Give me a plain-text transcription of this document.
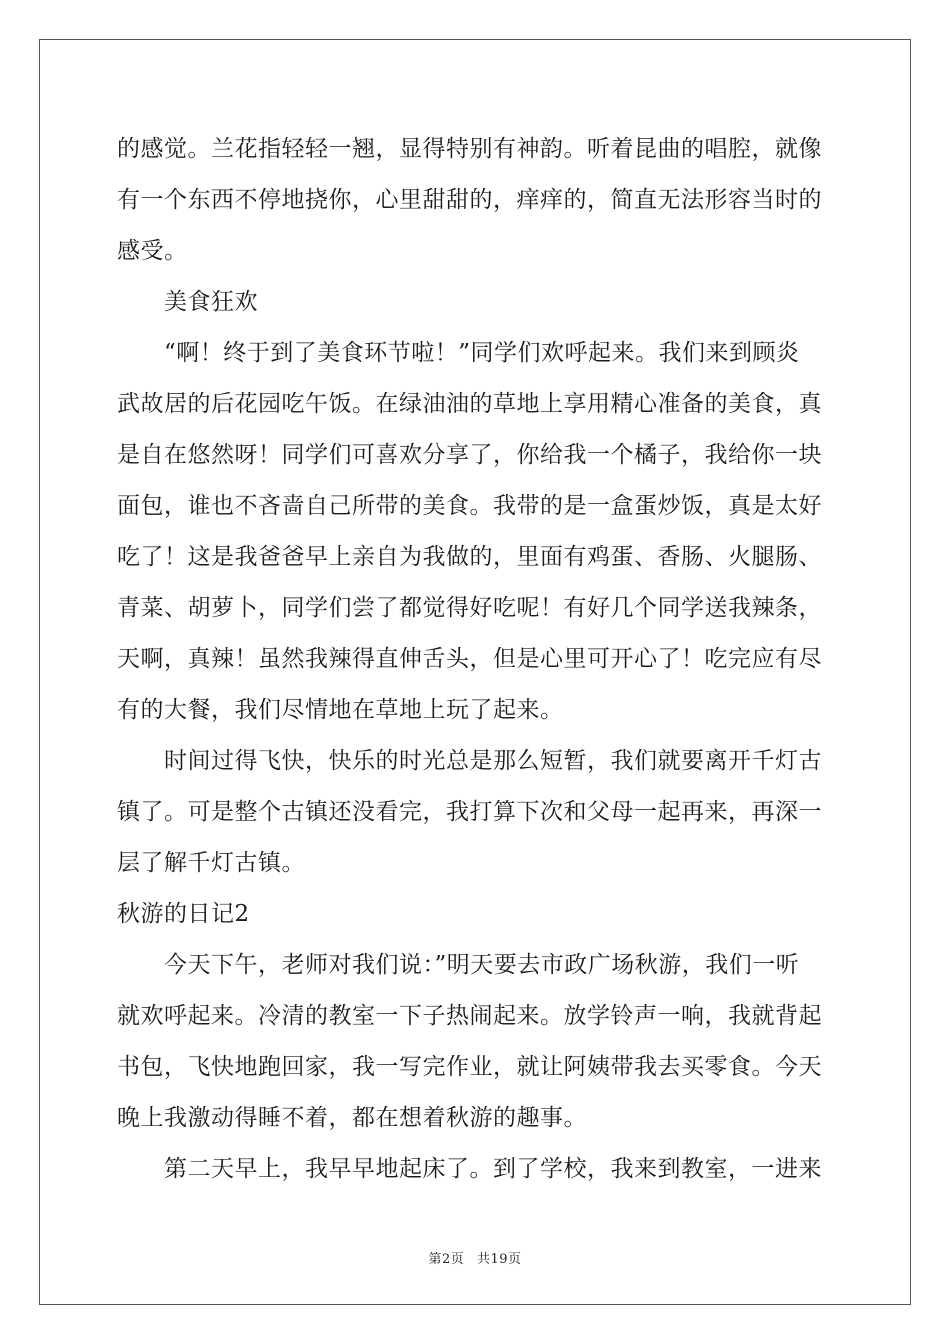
的感觉。兰花指轻轻一翘，显得特别有神韵。听着昆曲的唱腔，就像
有一个东西不停地挠你，心里甜甜的，痒痒的，简直无法形容当时的
感受。
美食狂欢
“啊！终于到了美食环节啦！”同学们欢呼起来。我们来到顾炎
武故居的后花园吃午饭。在绿油油的草地上享用精心准备的美食，真
是自在悠然呀！同学们可喜欢分享了，你给我一个橘子，我给你一块
面包，谁也不吝啬自己所带的美食。我带的是一盒蛋炒饭，真是太好
吃了！这是我爸爸早上亲自为我做的，里面有鸡蛋、香肠、火腿肠、
青菜、胡萝卜，同学们尝了都觉得好吃呢！有好几个同学送我辣条，
天啊，真辣！虽然我辣得直伸舌头，但是心里可开心了！吃完应有尽
有的大餐，我们尽情地在草地上玩了起来。
时间过得飞快，快乐的时光总是那么短暂，我们就要离开千灯古
镇了。可是整个古镇还没看完，我打算下次和父母一起再来，再深一
层了解千灯古镇。
秋游的日记2
今天下午，老师对我们说：”明天要去市政广场秋游，我们一听
就欢呼起来。冷清的教室一下子热闹起来。放学铃声一响，我就背起
书包，飞快地跑回家，我一写完作业，就让阿姨带我去买零食。今天
晚上我激动得睡不着，都在想着秋游的趣事。
第二天早上，我早早地起床了。到了学校，我来到教室，一进来
第2页 共19页
